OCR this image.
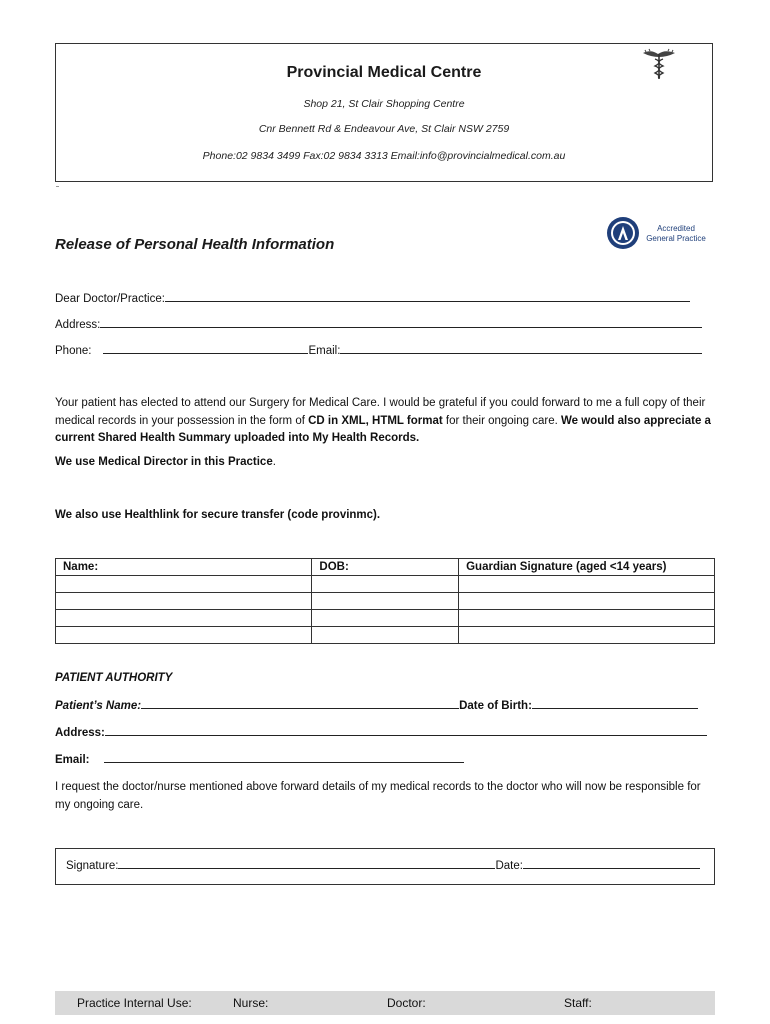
Provincial Medical Centre
Shop 21, St Clair Shopping Centre
Cnr Bennett Rd & Endeavour Ave, St Clair NSW 2759
Phone:02 9834 3499 Fax:02 9834 3313 Email:info@provincialmedical.com.au
Release of Personal Health Information
Accredited
General Practice
Dear Doctor/Practice:
Address:
Phone:	Email:
Your patient has elected to attend our Surgery for Medical Care. I would be grateful if you could forward to me a full copy of their medical records in your possession in the form of CD in XML, HTML format for their ongoing care. We would also appreciate a current Shared Health Summary uploaded into My Health Records.
We use Medical Director in this Practice.
We also use Healthlink for secure transfer (code provinmc).
Name:	DOB:	Guardian Signature (aged <14 years)

PATIENT AUTHORITY
Patient’s Name:	Date of Birth:
Address:
Email:
I request the doctor/nurse mentioned above forward details of my medical records to the doctor who will now be responsible for my ongoing care.
Signature:	Date:
Practice Internal Use:	Nurse:	Doctor:	Staff:
